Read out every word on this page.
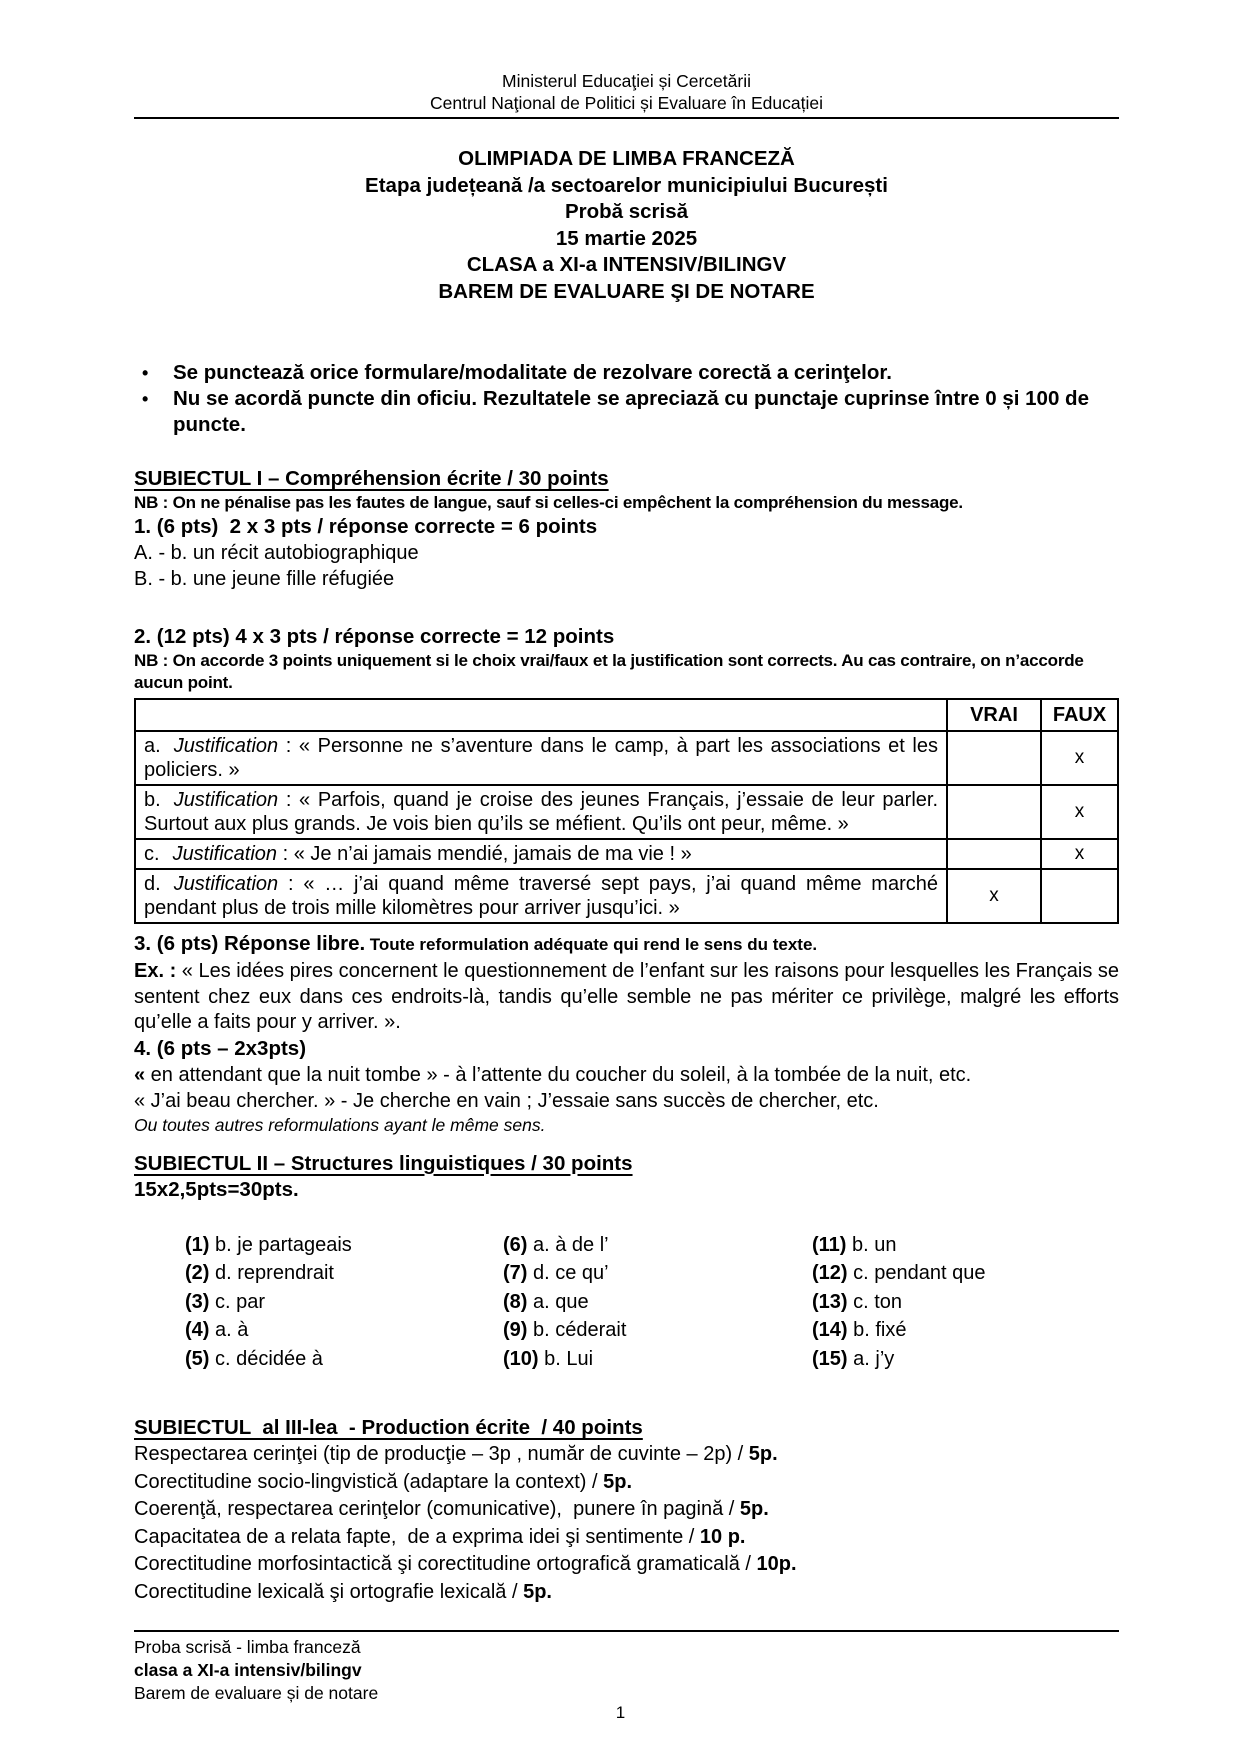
Ministerul Educaţiei și Cercetării
Centrul Naţional de Politici și Evaluare în Educației
OLIMPIADA DE LIMBA FRANCEZĂ
Etapa județeană /a sectoarelor municipiului București
Probă scrisă
15 martie 2025
CLASA a XI-a INTENSIV/BILINGV
BAREM DE EVALUARE ŞI DE NOTARE
•	Se punctează orice formulare/modalitate de rezolvare corectă a cerinţelor.
•	Nu se acordă puncte din oficiu. Rezultatele se apreciază cu punctaje cuprinse între 0 și 100 de puncte.
SUBIECTUL I – Compréhension écrite / 30 points
NB : On ne pénalise pas les fautes de langue, sauf si celles-ci empêchent la compréhension du message.
1. (6 pts)  2 x 3 pts / réponse correcte = 6 points
A. - b. un récit autobiographique
B. - b. une jeune fille réfugiée
2. (12 pts) 4 x 3 pts / réponse correcte = 12 points
NB : On accorde 3 points uniquement si le choix vrai/faux et la justification sont corrects. Au cas contraire, on n’accorde aucun point.
	VRAI	FAUX
a. Justification : « Personne ne s’aventure dans le camp, à part les associations et les policiers. »		x
b. Justification : « Parfois, quand je croise des jeunes Français, j’essaie de leur parler. Surtout aux plus grands. Je vois bien qu’ils se méfient. Qu’ils ont peur, même. »		x
c. Justification : « Je n’ai jamais mendié, jamais de ma vie ! »		x
d. Justification : « … j’ai quand même traversé sept pays, j’ai quand même marché pendant plus de trois mille kilomètres pour arriver jusqu’ici. »	x	
3. (6 pts) Réponse libre. Toute reformulation adéquate qui rend le sens du texte.
Ex. : « Les idées pires concernent le questionnement de l’enfant sur les raisons pour lesquelles les Français se sentent chez eux dans ces endroits-là, tandis qu’elle semble ne pas mériter ce privilège, malgré les efforts qu’elle a faits pour y arriver. ».
4. (6 pts – 2x3pts)
« en attendant que la nuit tombe » - à l’attente du coucher du soleil, à la tombée de la nuit, etc.
« J’ai beau chercher. » - Je cherche en vain ; J’essaie sans succès de chercher, etc.
Ou toutes autres reformulations ayant le même sens.
SUBIECTUL II – Structures linguistiques / 30 points
15x2,5pts=30pts.
(1) b. je partageais
(2) d. reprendrait
(3) c. par
(4) a. à
(5) c. décidée à
(6) a. à de l’
(7) d. ce qu’
(8) a. que
(9) b. céderait
(10) b. Lui
(11) b. un
(12) c. pendant que
(13) c. ton
(14) b. fixé
(15) a. j’y
SUBIECTUL  al III-lea  - Production écrite  / 40 points
Respectarea cerinţei (tip de producţie – 3p , număr de cuvinte – 2p) / 5p.
Corectitudine socio-lingvistică (adaptare la context) / 5p.
Coerenţă, respectarea cerinţelor (comunicative),  punere în pagină / 5p.
Capacitatea de a relata fapte,  de a exprima idei şi sentimente / 10 p.
Corectitudine morfosintactică şi corectitudine ortografică gramaticală / 10p.
Corectitudine lexicală şi ortografie lexicală / 5p.
Proba scrisă - limba franceză
clasa a XI-a intensiv/bilingv
Barem de evaluare și de notare
1
